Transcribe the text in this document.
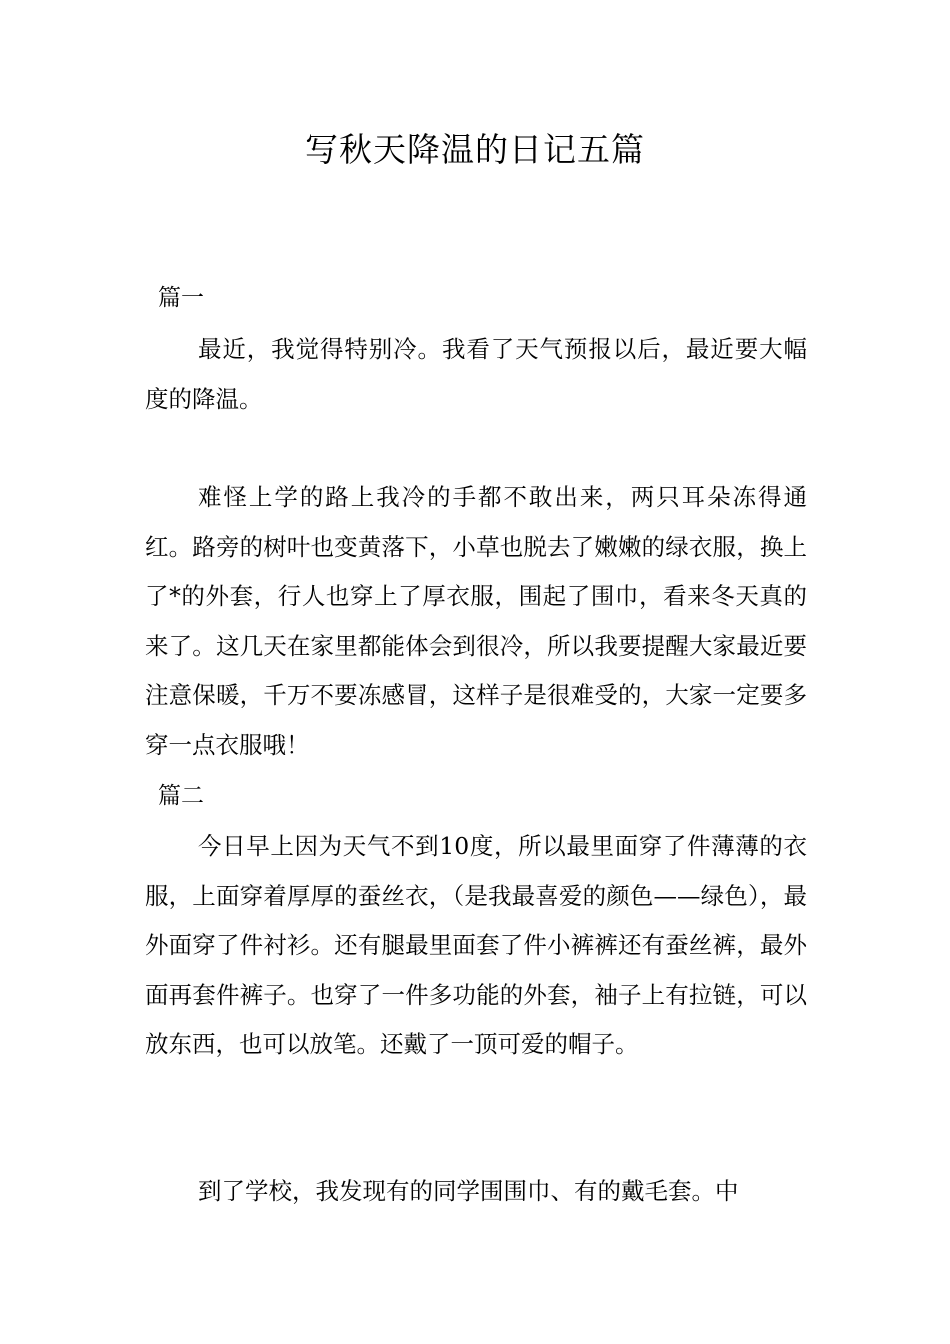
写秋天降温的日记五篇
篇一

最近，我觉得特别冷。我看了天气预报以后，最近要大幅度的降温。

难怪上学的路上我冷的手都不敢出来，两只耳朵冻得通红。路旁的树叶也变黄落下，小草也脱去了嫩嫩的绿衣服，换上了*的外套，行人也穿上了厚衣服，围起了围巾，看来冬天真的来了。这几天在家里都能体会到很冷，所以我要提醒大家最近要注意保暖，千万不要冻感冒，这样子是很难受的，大家一定要多穿一点衣服哦！

篇二

今日早上因为天气不到10度，所以最里面穿了件薄薄的衣服，上面穿着厚厚的蚕丝衣，（是我最喜爱的颜色——绿色），最外面穿了件衬衫。还有腿最里面套了件小裤裤还有蚕丝裤，最外面再套件裤子。也穿了一件多功能的外套，袖子上有拉链，可以放东西，也可以放笔。还戴了一顶可爱的帽子。

到了学校，我发现有的同学围围巾、有的戴毛套。中
